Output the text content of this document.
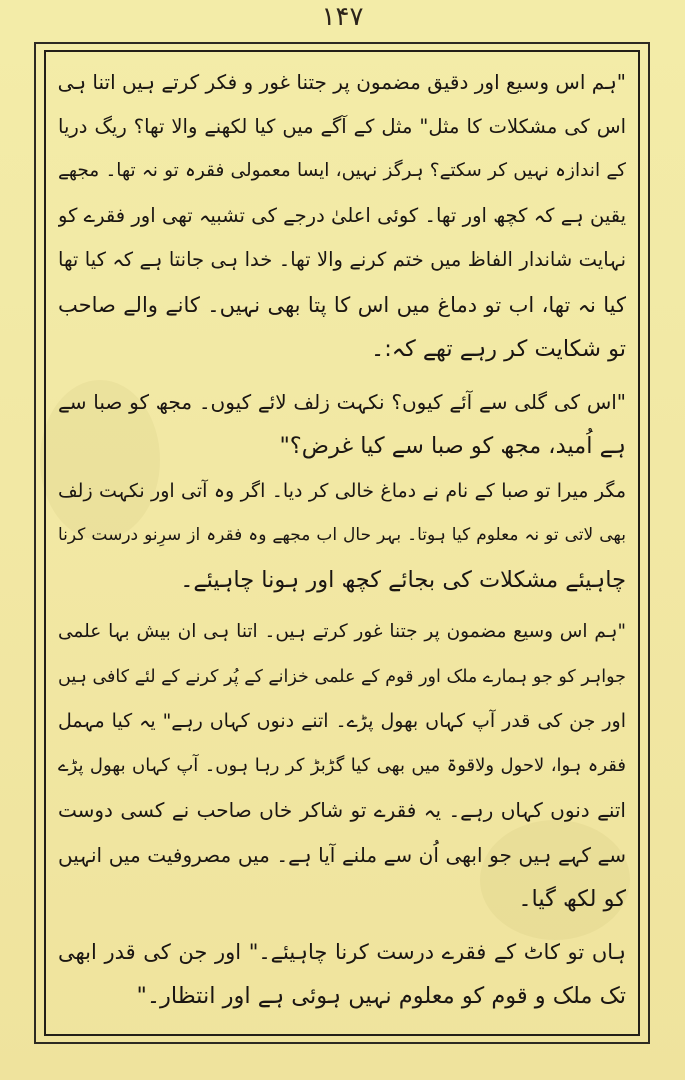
۱۴۷
"ہم اس وسیع اور دقیق مضمون پر جتنا غور و فکر کرتے ہیں اتنا ہی
اس کی مشکلات کا مثل" مثل کے آگے میں کیا لکھنے والا تھا؟ ریگ دریا
کے اندازہ نہیں کر سکتے؟ ہرگز نہیں، ایسا معمولی فقرہ تو نہ تھا۔ مجھے
یقین ہے کہ کچھ اور تھا۔ کوئی اعلیٰ درجے کی تشبیہ تھی اور فقرے کو
نہایت شاندار الفاظ میں ختم کرنے والا تھا۔ خدا ہی جانتا ہے کہ کیا تھا
کیا نہ تھا، اب تو دماغ میں اس کا پتا بھی نہیں۔ کانے والے صاحب
تو شکایت کر رہے تھے کہ:۔
"اس کی گلی سے آئے کیوں؟ نکہت زلف لائے کیوں۔ مجھ کو صبا سے
ہے اُمید، مجھ کو صبا سے کیا غرض؟"
مگر میرا تو صبا کے نام نے دماغ خالی کر دیا۔ اگر وہ آتی اور نکہت زلف
بھی لاتی تو نہ معلوم کیا ہوتا۔ بہر حال اب مجھے وہ فقرہ از سرِنو درست کرنا
چاہیئے مشکلات کی بجائے کچھ اور ہونا چاہیئے۔
"ہم اس وسیع مضمون پر جتنا غور کرتے ہیں۔ اتنا ہی ان بیش بہا علمی
جواہر کو جو ہمارے ملک اور قوم کے علمی خزانے کے پُر کرنے کے لئے کافی ہیں
اور جن کی قدر آپ کہاں بھول پڑے۔ اتنے دنوں کہاں رہے" یہ کیا مہمل
فقرہ ہوا، لاحول ولاقوۃ میں بھی کیا گڑبڑ کر رہا ہوں۔ آپ کہاں بھول پڑے
اتنے دنوں کہاں رہے۔ یہ فقرے تو شاکر خاں صاحب نے کسی دوست
سے کہے ہیں جو ابھی اُن سے ملنے آیا ہے۔ میں مصروفیت میں انہیں
کو لکھ گیا۔
ہاں تو کاٹ کے فقرے درست کرنا چاہیئے۔" اور جن کی قدر ابھی
تک ملک و قوم کو معلوم نہیں ہوئی ہے اور انتظار۔"
